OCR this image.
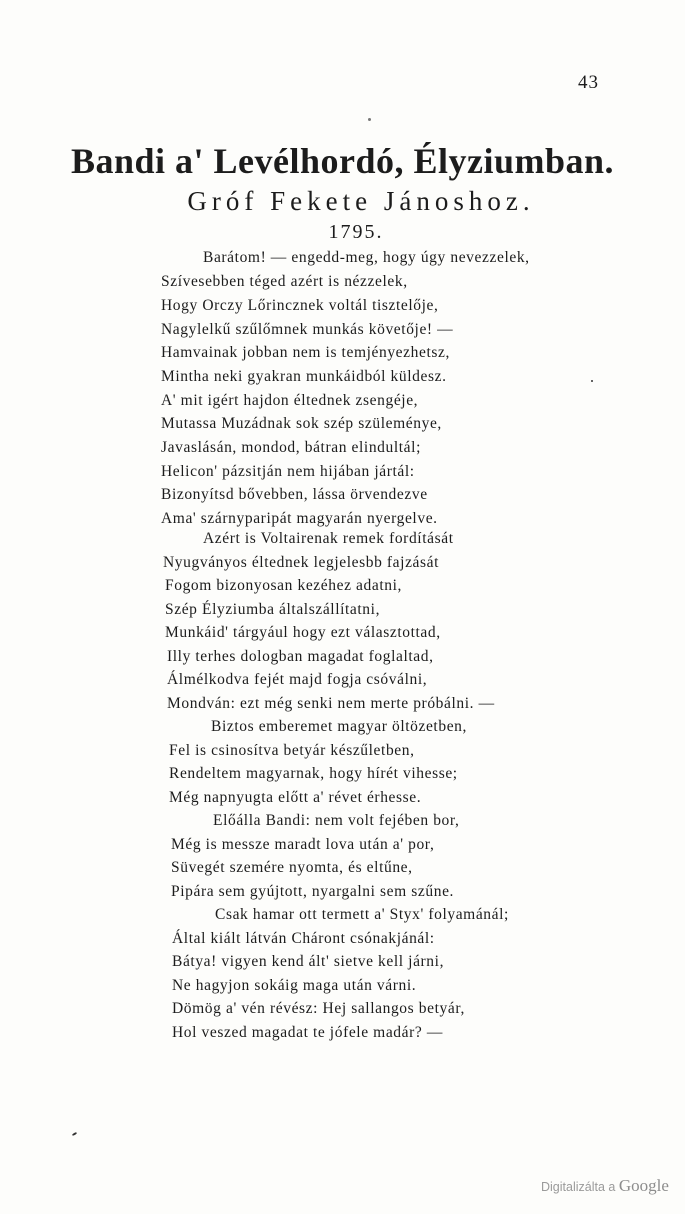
43
Bandi a' Levélhordó, Élyziumban.
Gróf Fekete Jánoshoz.
1795.
Barátom! — engedd-meg, hogy úgy nevezzelek,
Szívesebben téged azért is nézzelek,
Hogy Orczy Lőrincznek voltál tisztelője,
Nagylelkű szűlőmnek munkás követője! —
Hamvainak jobban nem is temjényezhetsz,
Mintha neki gyakran munkáidból küldesz.
A' mit igért hajdon éltednek zsengéje,
Mutassa Muzádnak sok szép szüleménye,
Javaslásán, mondod, bátran elindultál;
Helicon' pázsitján nem hijában jártál:
Bizonyítsd bővebben, lássa örvendezve
Ama' szárnyparipát magyarán nyergelve.
Azért is Voltairenak remek fordítását
Nyugványos éltednek legjelesbb fajzását
Fogom bizonyosan kezéhez adatni,
Szép Élyziumba általszállítatni,
Munkáid' tárgyául hogy ezt választottad,
Illy terhes dologban magadat foglaltad,
Álmélkodva fejét majd fogja csóválni,
Mondván: ezt még senki nem merte próbálni. —
Biztos emberemet magyar öltözetben,
Fel is csinosítva betyár készűletben,
Rendeltem magyarnak, hogy hírét vihesse;
Még napnyugta előtt a' révet érhesse.
Előálla Bandi: nem volt fejében bor,
Még is messze maradt lova után a' por,
Süvegét szemére nyomta, és eltűne,
Pipára sem gyújtott, nyargalni sem szűne.
Csak hamar ott termett a' Styx' folyamánál;
Által kiált látván Cháront csónakjánál:
Bátya! vigyen kend ált' sietve kell járni,
Ne hagyjon sokáig maga után várni.
Dömög a' vén révész: Hej sallangos betyár,
Hol veszed magadat te jófele madár? —
Digitalizálta a Google
